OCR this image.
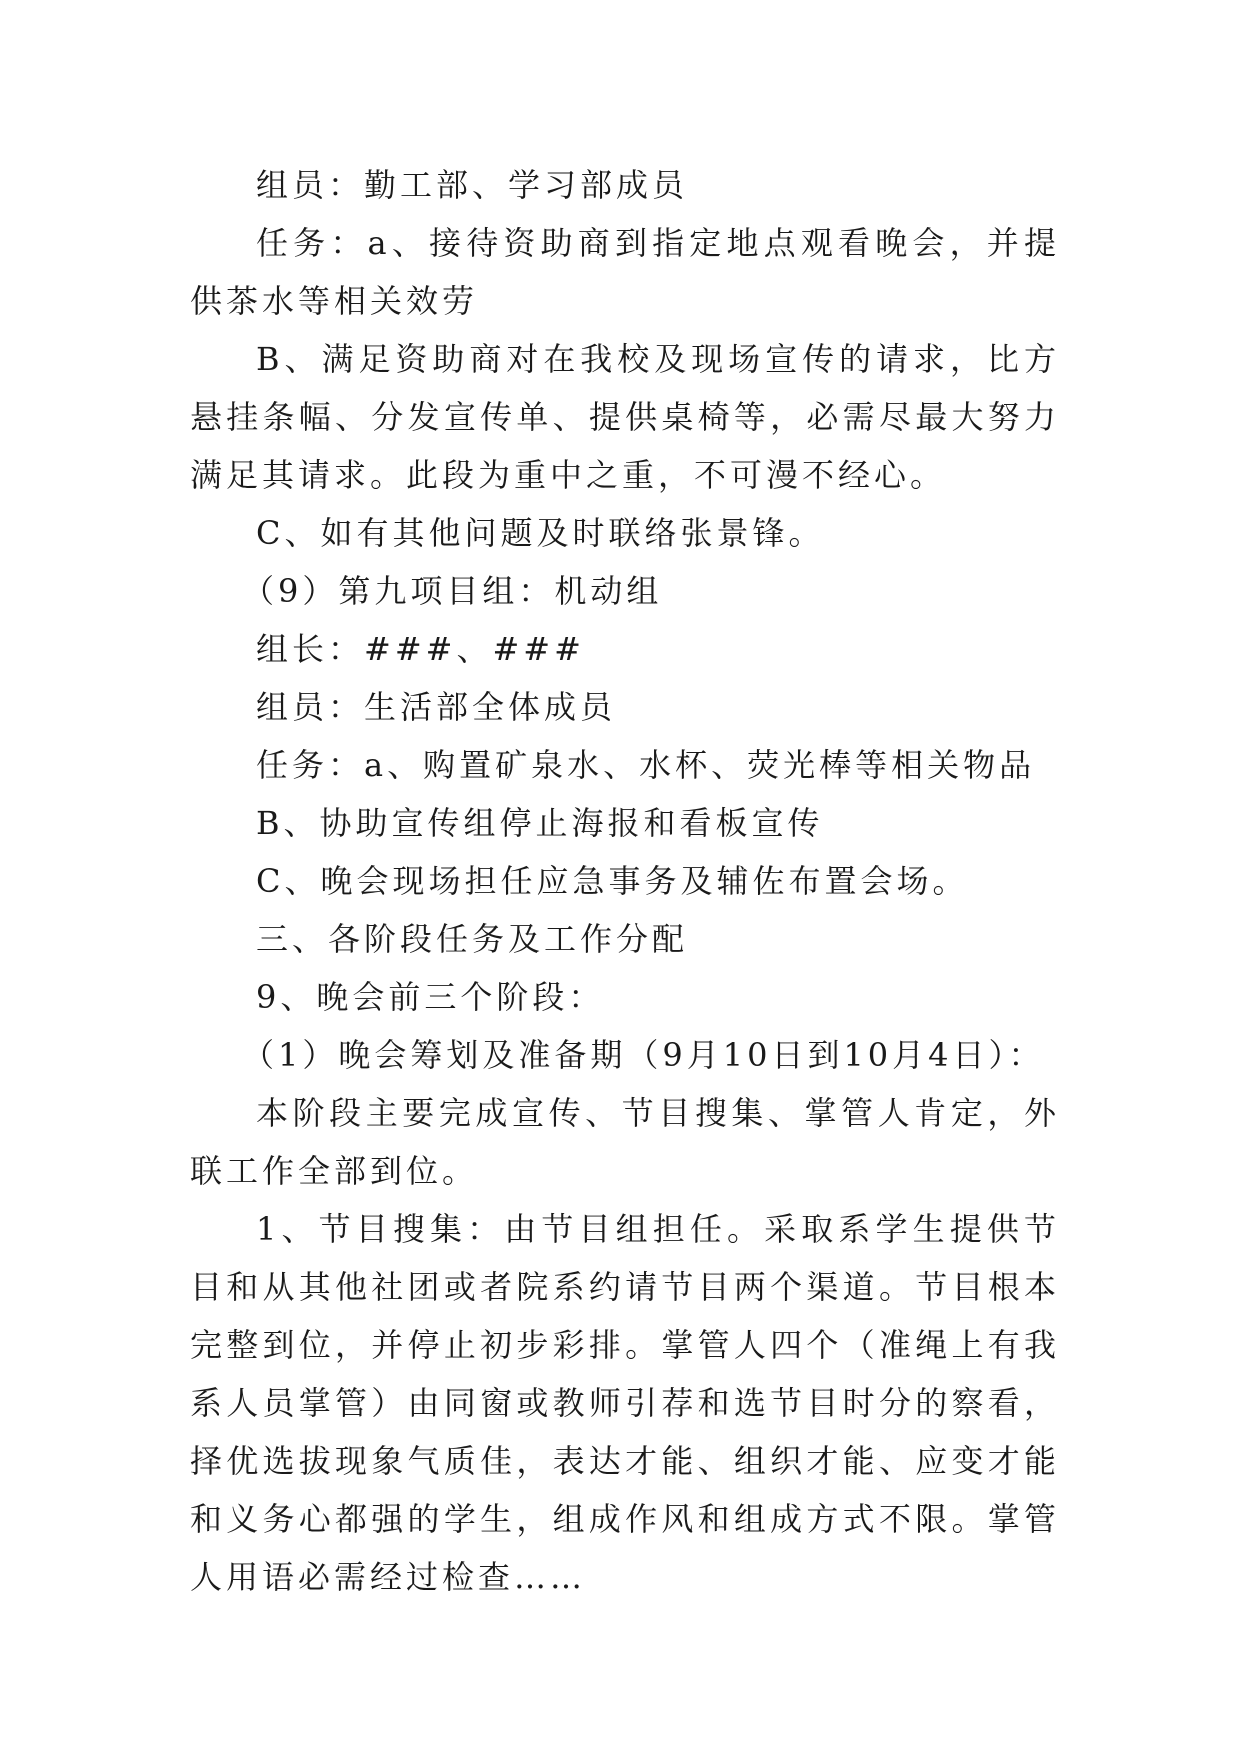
组员：勤工部、学习部成员

任务：a、接待资助商到指定地点观看晚会，并提供茶水等相关效劳

B、满足资助商对在我校及现场宣传的请求，比方悬挂条幅、分发宣传单、提供桌椅等，必需尽最大努力满足其请求。此段为重中之重，不可漫不经心。

C、如有其他问题及时联络张景锋。

（9）第九项目组：机动组

组长：###、###

组员：生活部全体成员

任务：a、购置矿泉水、水杯、荧光棒等相关物品

B、协助宣传组停止海报和看板宣传

C、晚会现场担任应急事务及辅佐布置会场。

三、各阶段任务及工作分配

9、晚会前三个阶段：

（1）晚会筹划及准备期（9月10日到10月4日）：

本阶段主要完成宣传、节目搜集、掌管人肯定，外联工作全部到位。

1、节目搜集：由节目组担任。采取系学生提供节目和从其他社团或者院系约请节目两个渠道。节目根本完整到位，并停止初步彩排。掌管人四个（准绳上有我系人员掌管）由同窗或教师引荐和选节目时分的察看，择优选拔现象气质佳，表达才能、组织才能、应变才能和义务心都强的学生，组成作风和组成方式不限。掌管人用语必需经过检查……
